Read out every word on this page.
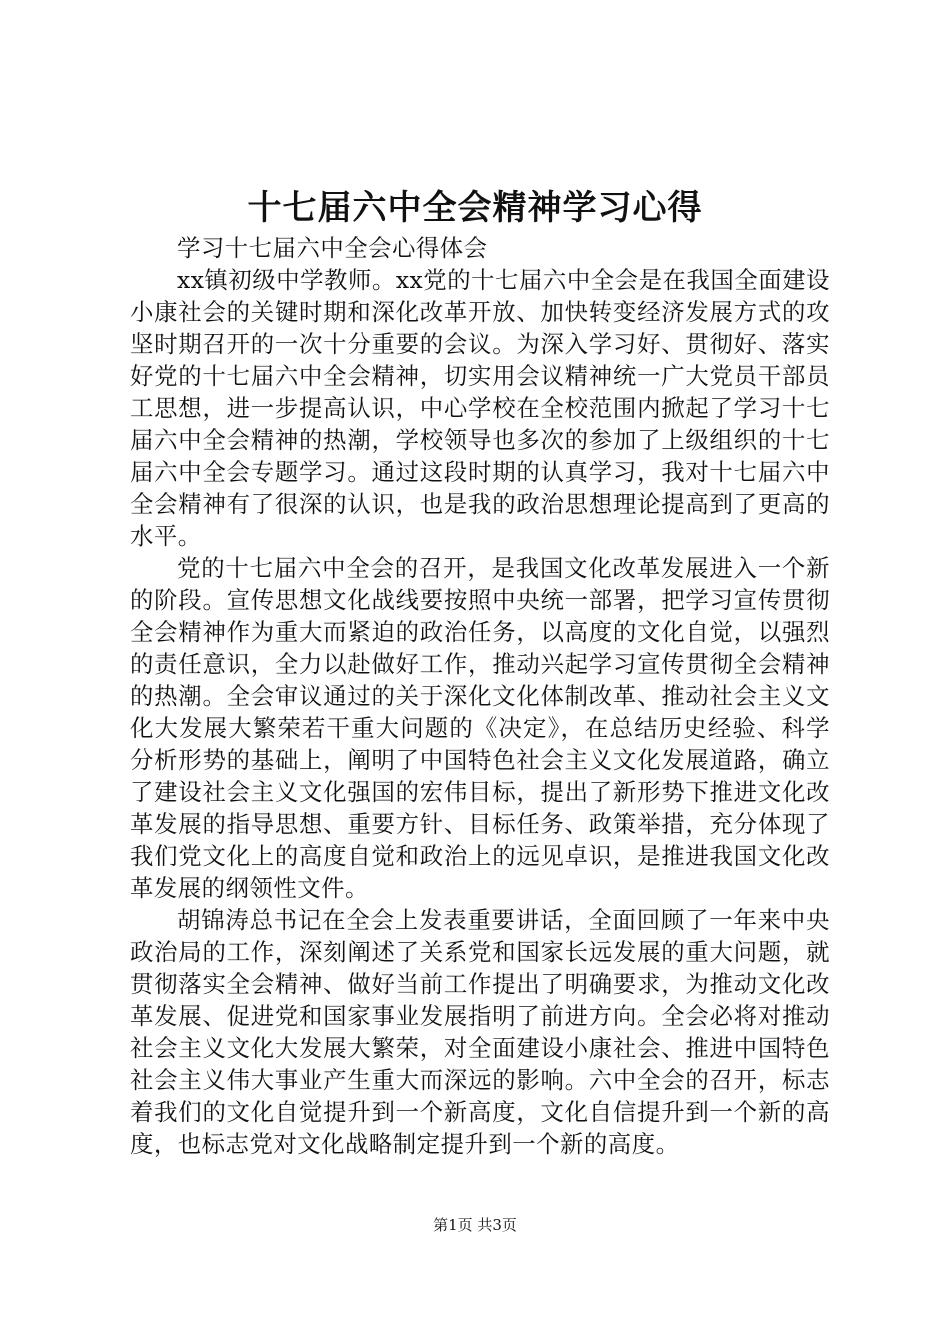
十七届六中全会精神学习心得

学习十七届六中全会心得体会

xx镇初级中学教师。xx党的十七届六中全会是在我国全面建设小康社会的关键时期和深化改革开放、加快转变经济发展方式的攻坚时期召开的一次十分重要的会议。为深入学习好、贯彻好、落实好党的十七届六中全会精神，切实用会议精神统一广大党员干部员工思想，进一步提高认识，中心学校在全校范围内掀起了学习十七届六中全会精神的热潮，学校领导也多次的参加了上级组织的十七届六中全会专题学习。通过这段时期的认真学习，我对十七届六中全会精神有了很深的认识，也是我的政治思想理论提高到了更高的水平。

党的十七届六中全会的召开，是我国文化改革发展进入一个新的阶段。宣传思想文化战线要按照中央统一部署，把学习宣传贯彻全会精神作为重大而紧迫的政治任务，以高度的文化自觉，以强烈的责任意识，全力以赴做好工作，推动兴起学习宣传贯彻全会精神的热潮。全会审议通过的关于深化文化体制改革、推动社会主义文化大发展大繁荣若干重大问题的《决定》，在总结历史经验、科学分析形势的基础上，阐明了中国特色社会主义文化发展道路，确立了建设社会主义文化强国的宏伟目标，提出了新形势下推进文化改革发展的指导思想、重要方针、目标任务、政策举措，充分体现了我们党文化上的高度自觉和政治上的远见卓识，是推进我国文化改革发展的纲领性文件。

胡锦涛总书记在全会上发表重要讲话，全面回顾了一年来中央政治局的工作，深刻阐述了关系党和国家长远发展的重大问题，就贯彻落实全会精神、做好当前工作提出了明确要求，为推动文化改革发展、促进党和国家事业发展指明了前进方向。全会必将对推动社会主义文化大发展大繁荣，对全面建设小康社会、推进中国特色社会主义伟大事业产生重大而深远的影响。六中全会的召开，标志着我们的文化自觉提升到一个新高度，文化自信提升到一个新的高度，也标志党对文化战略制定提升到一个新的高度。

第1页 共3页
